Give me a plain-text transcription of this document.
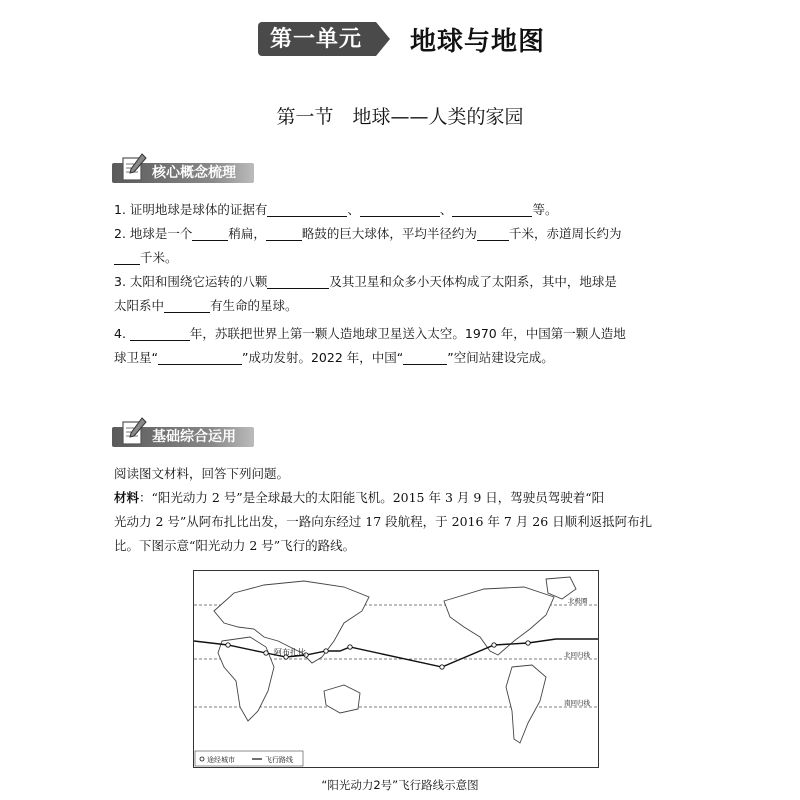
第一单元	地球与地图
第一节　地球——人类的家园
核心概念梳理
1. 证明地球是球体的证据有	、	、	等。
2. 地球是一个	稍扁，	略鼓的巨大球体，平均半径约为	千米，赤道周长约为
千米。
3. 太阳和围绕它运转的八颗	及其卫星和众多小天体构成了太阳系，其中，地球是
太阳系中	有生命的星球。
4.	年，苏联把世界上第一颗人造地球卫星送入太空。1970 年，中国第一颗人造地
球卫星“	”成功发射。2022 年，中国“	”空间站建设完成。
基础综合运用
阅读图文材料，回答下列问题。
材料：“阳光动力 2 号”是全球最大的太阳能飞机。2015 年 3 月 9 日，驾驶员驾驶着“阳
光动力 2 号”从阿布扎比出发，一路向东经过 17 段航程，于 2016 年 7 月 26 日顺利返抵阿布扎
比。下图示意“阳光动力 2 号”飞行的路线。
阿布扎比
北极圈
北回归线
南回归线
途经城市	飞行路线
“阳光动力2号”飞行路线示意图
